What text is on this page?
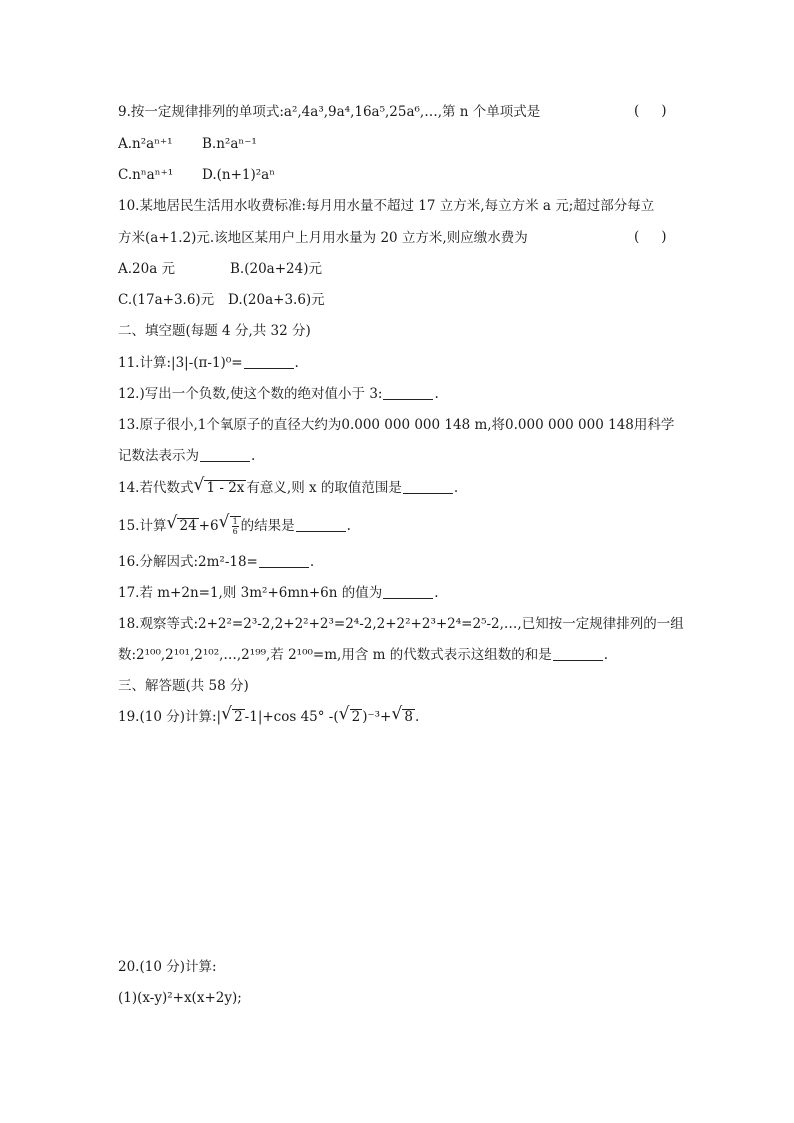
9.按一定规律排列的单项式:a²,4a³,9a⁴,16a⁵,25a⁶,…,第 n 个单项式是	( )
A.n²aⁿ⁺¹ B.n²aⁿ⁻¹
C.nⁿaⁿ⁺¹ D.(n+1)²aⁿ
10.某地居民生活用水收费标准:每月用水量不超过 17 立方米,每立方米 a 元;超过部分每立
方米(a+1.2)元.该地区某用户上月用水量为 20 立方米,则应缴水费为	( )
A.20a 元	B.(20a+24)元
C.(17a+3.6)元 D.(20a+3.6)元
二、填空题(每题 4 分,共 32 分)
11.计算:|3|-(π-1)⁰=	.
12.)写出一个负数,使这个数的绝对值小于 3:	.
13.原子很小,1个氧原子的直径大约为0.000 000 000 148 m,将0.000 000 000 148用科学
记数法表示为	.
14.若代数式 √ 1 - 2x 有意义,则 x 的取值范围是	.
15.计算 √ 24 +6 √ $\frac{1}{6}$ 的结果是	.
16.分解因式:2m²-18=	.
17.若 m+2n=1,则 3m²+6mn+6n 的值为	.
18.观察等式:2+2²=2³-2,2+2²+2³=2⁴-2,2+2²+2³+2⁴=2⁵-2,…,已知按一定规律排列的一组
数:2¹⁰⁰,2¹⁰¹,2¹⁰²,…,2¹⁹⁹,若 2¹⁰⁰=m,用含 m 的代数式表示这组数的和是	.
三、解答题(共 58 分)
19.(10 分)计算:| √ 2 -1|+cos 45° -( √ 2 )⁻³+ √ 8 .
20.(10 分)计算:
(1)(x-y)²+x(x+2y);
